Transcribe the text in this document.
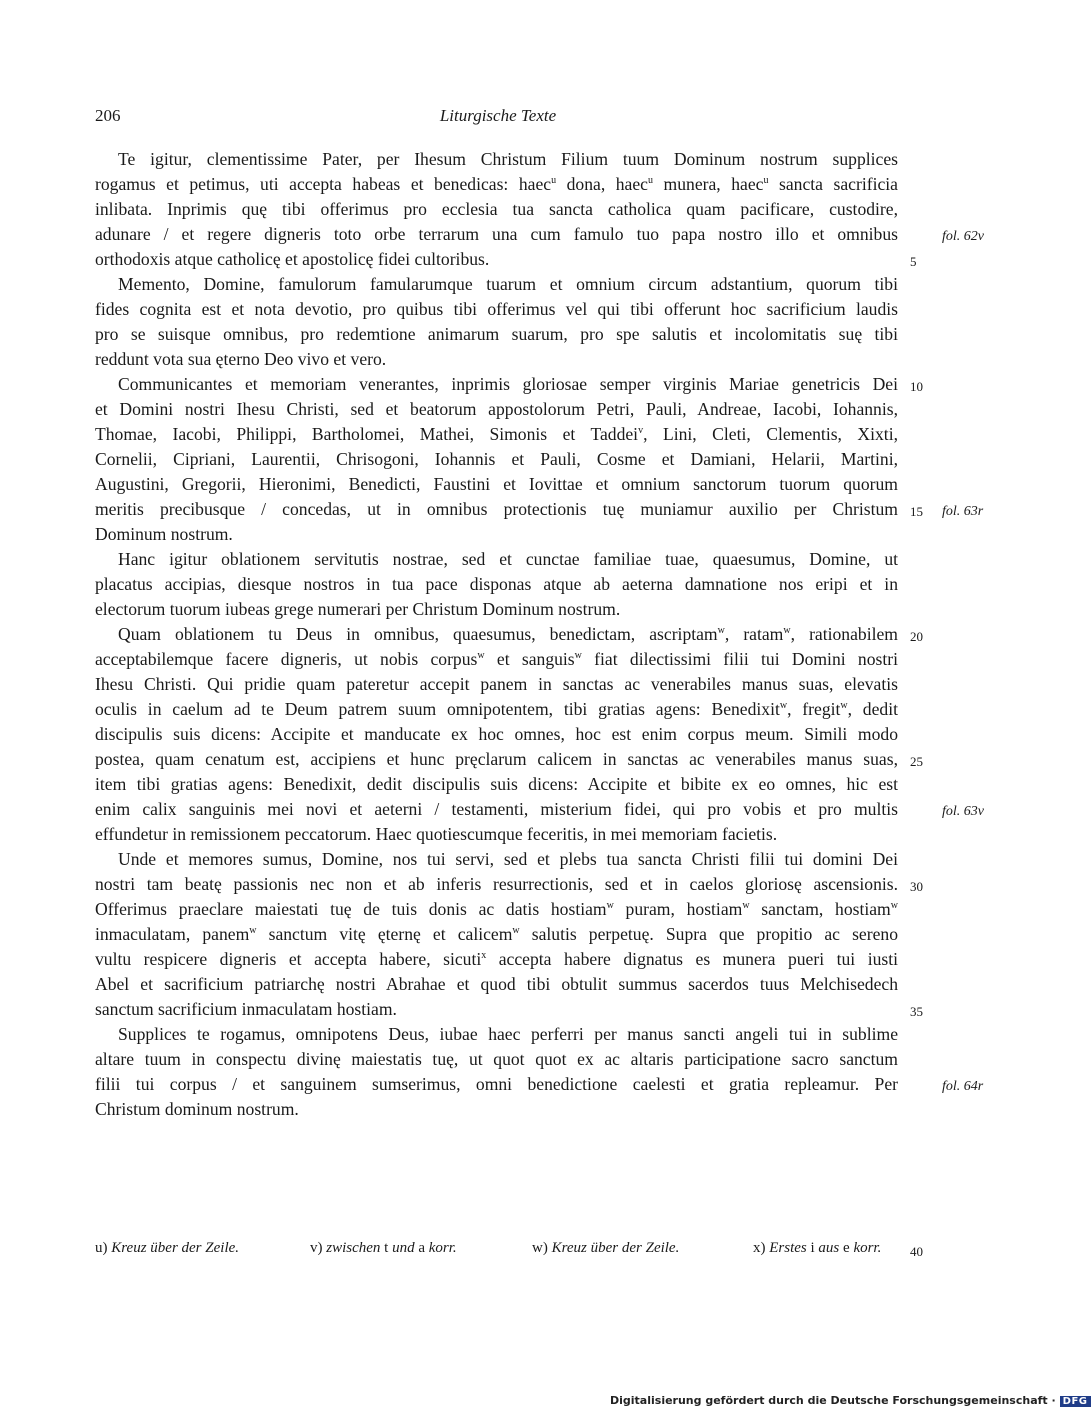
206	Liturgische Texte
Te igitur, clementissime Pater, per Ihesum Christum Filium tuum Dominum nostrum supplices
rogamus et petimus, uti accepta habeas et benedicas: haec$^u$ dona, haec$^u$ munera, haec$^u$ sancta sacrificia
inlibata. Inprimis quę tibi offerimus pro ecclesia tua sancta catholica quam pacificare, custodire,
adunare / et regere digneris toto orbe terrarum una cum famulo tuo papa nostro illo et omnibus
orthodoxis atque catholicę et apostolicę fidei cultoribus.
Memento, Domine, famulorum famularumque tuarum et omnium circum adstantium, quorum tibi
fides cognita est et nota devotio, pro quibus tibi offerimus vel qui tibi offerunt hoc sacrificium laudis
pro se suisque omnibus, pro redemtione animarum suarum, pro spe salutis et incolomitatis suę tibi
reddunt vota sua ęterno Deo vivo et vero.
Communicantes et memoriam venerantes, inprimis gloriosae semper virginis Mariae genetricis Dei
et Domini nostri Ihesu Christi, sed et beatorum appostolorum Petri, Pauli, Andreae, Iacobi, Iohannis,
Thomae, Iacobi, Philippi, Bartholomei, Mathei, Simonis et Taddei$^v$, Lini, Cleti, Clementis, Xixti,
Cornelii, Cipriani, Laurentii, Chrisogoni, Iohannis et Pauli, Cosme et Damiani, Helarii, Martini,
Augustini, Gregorii, Hieronimi, Benedicti, Faustini et Iovittae et omnium sanctorum tuorum quorum
meritis precibusque / concedas, ut in omnibus protectionis tuę muniamur auxilio per Christum
Dominum nostrum.
Hanc igitur oblationem servitutis nostrae, sed et cunctae familiae tuae, quaesumus, Domine, ut
placatus accipias, diesque nostros in tua pace disponas atque ab aeterna damnatione nos eripi et in
electorum tuorum iubeas grege numerari per Christum Dominum nostrum.
Quam oblationem tu Deus in omnibus, quaesumus, benedictam, ascriptam$^w$, ratam$^w$, rationabilem
acceptabilemque facere digneris, ut nobis corpus$^w$ et sanguis$^w$ fiat dilectissimi filii tui Domini nostri
Ihesu Christi. Qui pridie quam pateretur accepit panem in sanctas ac venerabiles manus suas, elevatis
oculis in caelum ad te Deum patrem suum omnipotentem, tibi gratias agens: Benedixit$^w$, fregit$^w$, dedit
discipulis suis dicens: Accipite et manducate ex hoc omnes, hoc est enim corpus meum. Simili modo
postea, quam cenatum est, accipiens et hunc pręclarum calicem in sanctas ac venerabiles manus suas,
item tibi gratias agens: Benedixit, dedit discipulis suis dicens: Accipite et bibite ex eo omnes, hic est
enim calix sanguinis mei novi et aeterni / testamenti, misterium fidei, qui pro vobis et pro multis
effundetur in remissionem peccatorum. Haec quotiescumque feceritis, in mei memoriam facietis.
Unde et memores sumus, Domine, nos tui servi, sed et plebs tua sancta Christi filii tui domini Dei
nostri tam beatę passionis nec non et ab inferis resurrectionis, sed et in caelos gloriosę ascensionis.
Offerimus praeclare maiestati tuę de tuis donis ac datis hostiam$^w$ puram, hostiam$^w$ sanctam, hostiam$^w$
inmaculatam, panem$^w$ sanctum vitę ęternę et calicem$^w$ salutis perpetuę. Supra que propitio ac sereno
vultu respicere digneris et accepta habere, sicuti$^x$ accepta habere dignatus es munera pueri tui iusti
Abel et sacrificium patriarchę nostri Abrahae et quod tibi obtulit summus sacerdos tuus Melchisedech
sanctum sacrificium inmaculatam hostiam.
Supplices te rogamus, omnipotens Deus, iubae haec perferri per manus sancti angeli tui in sublime
altare tuum in conspectu divinę maiestatis tuę, ut quot quot ex ac altaris participatione sacro sanctum
filii tui corpus / et sanguinem sumserimus, omni benedictione caelesti et gratia repleamur. Per
Christum dominum nostrum.
5
10
15
20
25
30
35
fol. 62v
fol. 63r
fol. 63v
fol. 64r
u) Kreuz über der Zeile.	v) zwischen t und a korr.	w) Kreuz über der Zeile.	x) Erstes i aus e korr. 40
Digitalisierung gefördert durch die Deutsche Forschungsgemeinschaft · DFG
